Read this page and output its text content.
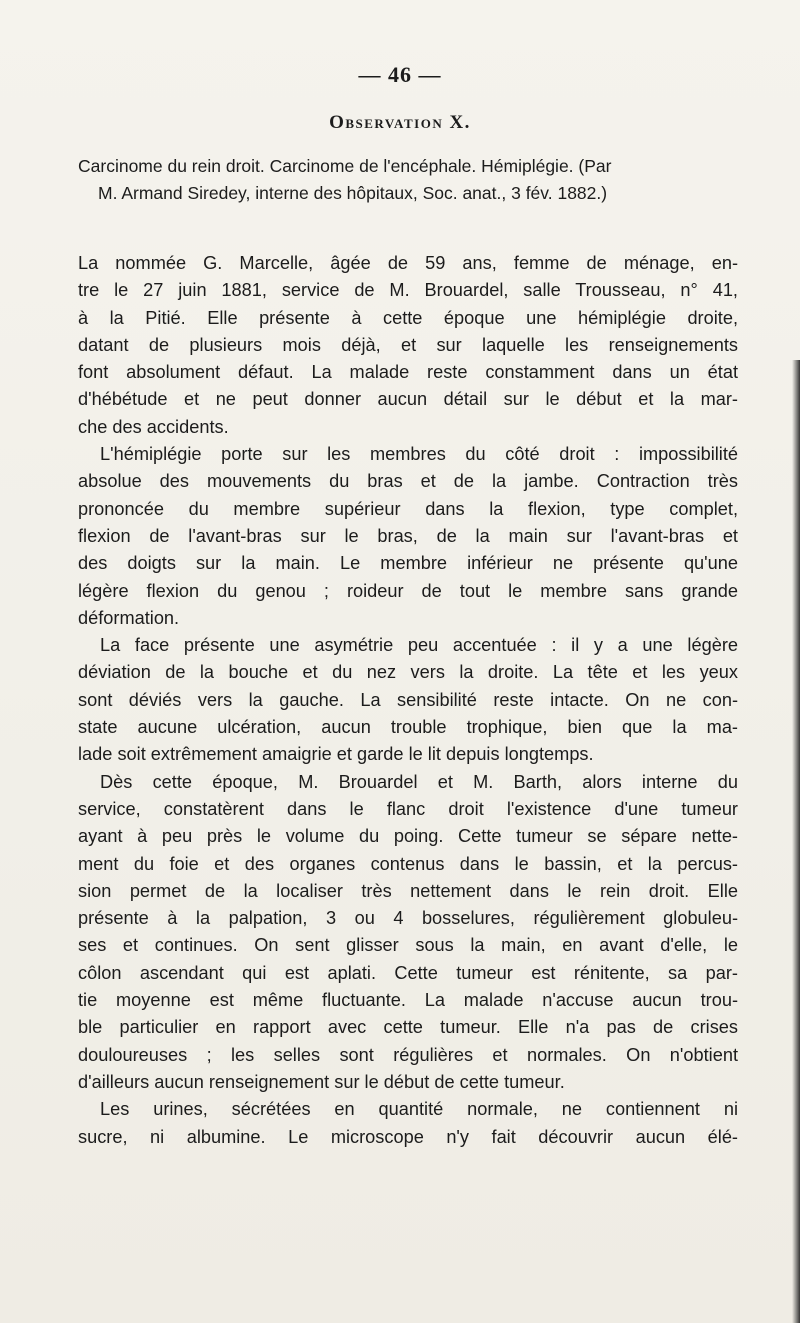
— 46 —
Observation X.
Carcinome du rein droit. Carcinome de l'encéphale. Hémiplégie. (Par
M. Armand Siredey, interne des hôpitaux, Soc. anat., 3 fév. 1882.)
La nommée G. Marcelle, âgée de 59 ans, femme de ménage, en-
tre le 27 juin 1881, service de M. Brouardel, salle Trousseau, n° 41,
à la Pitié. Elle présente à cette époque une hémiplégie droite,
datant de plusieurs mois déjà, et sur laquelle les renseignements
font absolument défaut. La malade reste constamment dans un état
d'hébétude et ne peut donner aucun détail sur le début et la mar-
che des accidents.
L'hémiplégie porte sur les membres du côté droit : impossibilité
absolue des mouvements du bras et de la jambe. Contraction très
prononcée du membre supérieur dans la flexion, type complet,
flexion de l'avant-bras sur le bras, de la main sur l'avant-bras et
des doigts sur la main. Le membre inférieur ne présente qu'une
légère flexion du genou ; roideur de tout le membre sans grande
déformation.
La face présente une asymétrie peu accentuée : il y a une légère
déviation de la bouche et du nez vers la droite. La tête et les yeux
sont déviés vers la gauche. La sensibilité reste intacte. On ne con-
state aucune ulcération, aucun trouble trophique, bien que la ma-
lade soit extrêmement amaigrie et garde le lit depuis longtemps.
Dès cette époque, M. Brouardel et M. Barth, alors interne du
service, constatèrent dans le flanc droit l'existence d'une tumeur
ayant à peu près le volume du poing. Cette tumeur se sépare nette-
ment du foie et des organes contenus dans le bassin, et la percus-
sion permet de la localiser très nettement dans le rein droit. Elle
présente à la palpation, 3 ou 4 bosselures, régulièrement globuleu-
ses et continues. On sent glisser sous la main, en avant d'elle, le
côlon ascendant qui est aplati. Cette tumeur est rénitente, sa par-
tie moyenne est même fluctuante. La malade n'accuse aucun trou-
ble particulier en rapport avec cette tumeur. Elle n'a pas de crises
douloureuses ; les selles sont régulières et normales. On n'obtient
d'ailleurs aucun renseignement sur le début de cette tumeur.
Les urines, sécrétées en quantité normale, ne contiennent ni
sucre, ni albumine. Le microscope n'y fait découvrir aucun élé-
